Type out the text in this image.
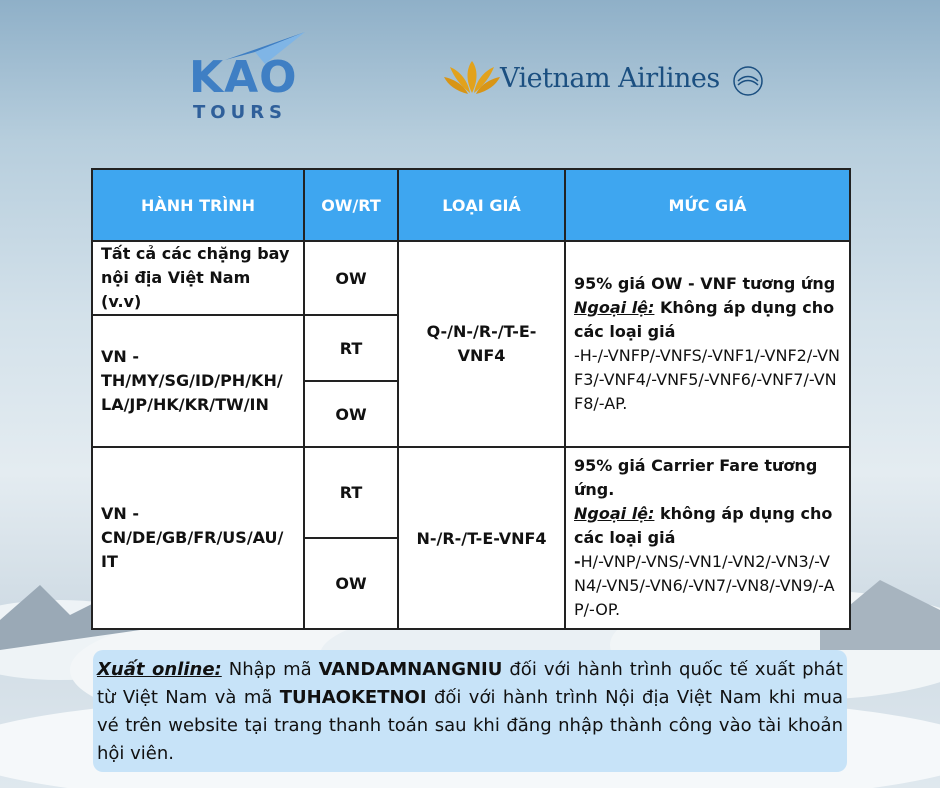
KAO
TOURS
Vietnam Airlines
HÀNH TRÌNH	OW/RT	LOẠI GIÁ	MỨC GIÁ
Tất cả các chặng bay nội địa Việt Nam (v.v)	OW	Q-/N-/R-/T-E- VNF4	95% giá OW - VNF tương ứng
Ngoại lệ: Không áp dụng cho các loại giá
-H-/-VNFP/-VNFS/-VNF1/-VNF2/-VNF3/-VNF4/-VNF5/-VNF6/-VNF7/-VNF8/-AP.

VN - TH/MY/SG/ID/PH/KH/ LA/JP/HK/KR/TW/IN	RT		
	OW		
VN - CN/DE/GB/FR/US/AU/ IT	RT	N-/R-/T-E-VNF4	95% giá Carrier Fare tương ứng.
Ngoại lệ: không áp dụng cho các loại giá
-H/-VNP/-VNS/-VN1/-VN2/-VN3/-VN4/-VN5/-VN6/-VN7/-VN8/-VN9/-AP/-OP.

	OW		
Xuất online: Nhập mã VANDAMNANGNIU đối với hành trình quốc tế xuất phát từ Việt Nam và mã TUHAOKETNOI đối với hành trình Nội địa Việt Nam khi mua vé trên website tại trang thanh toán sau khi đăng nhập thành công vào tài khoản hội viên.
